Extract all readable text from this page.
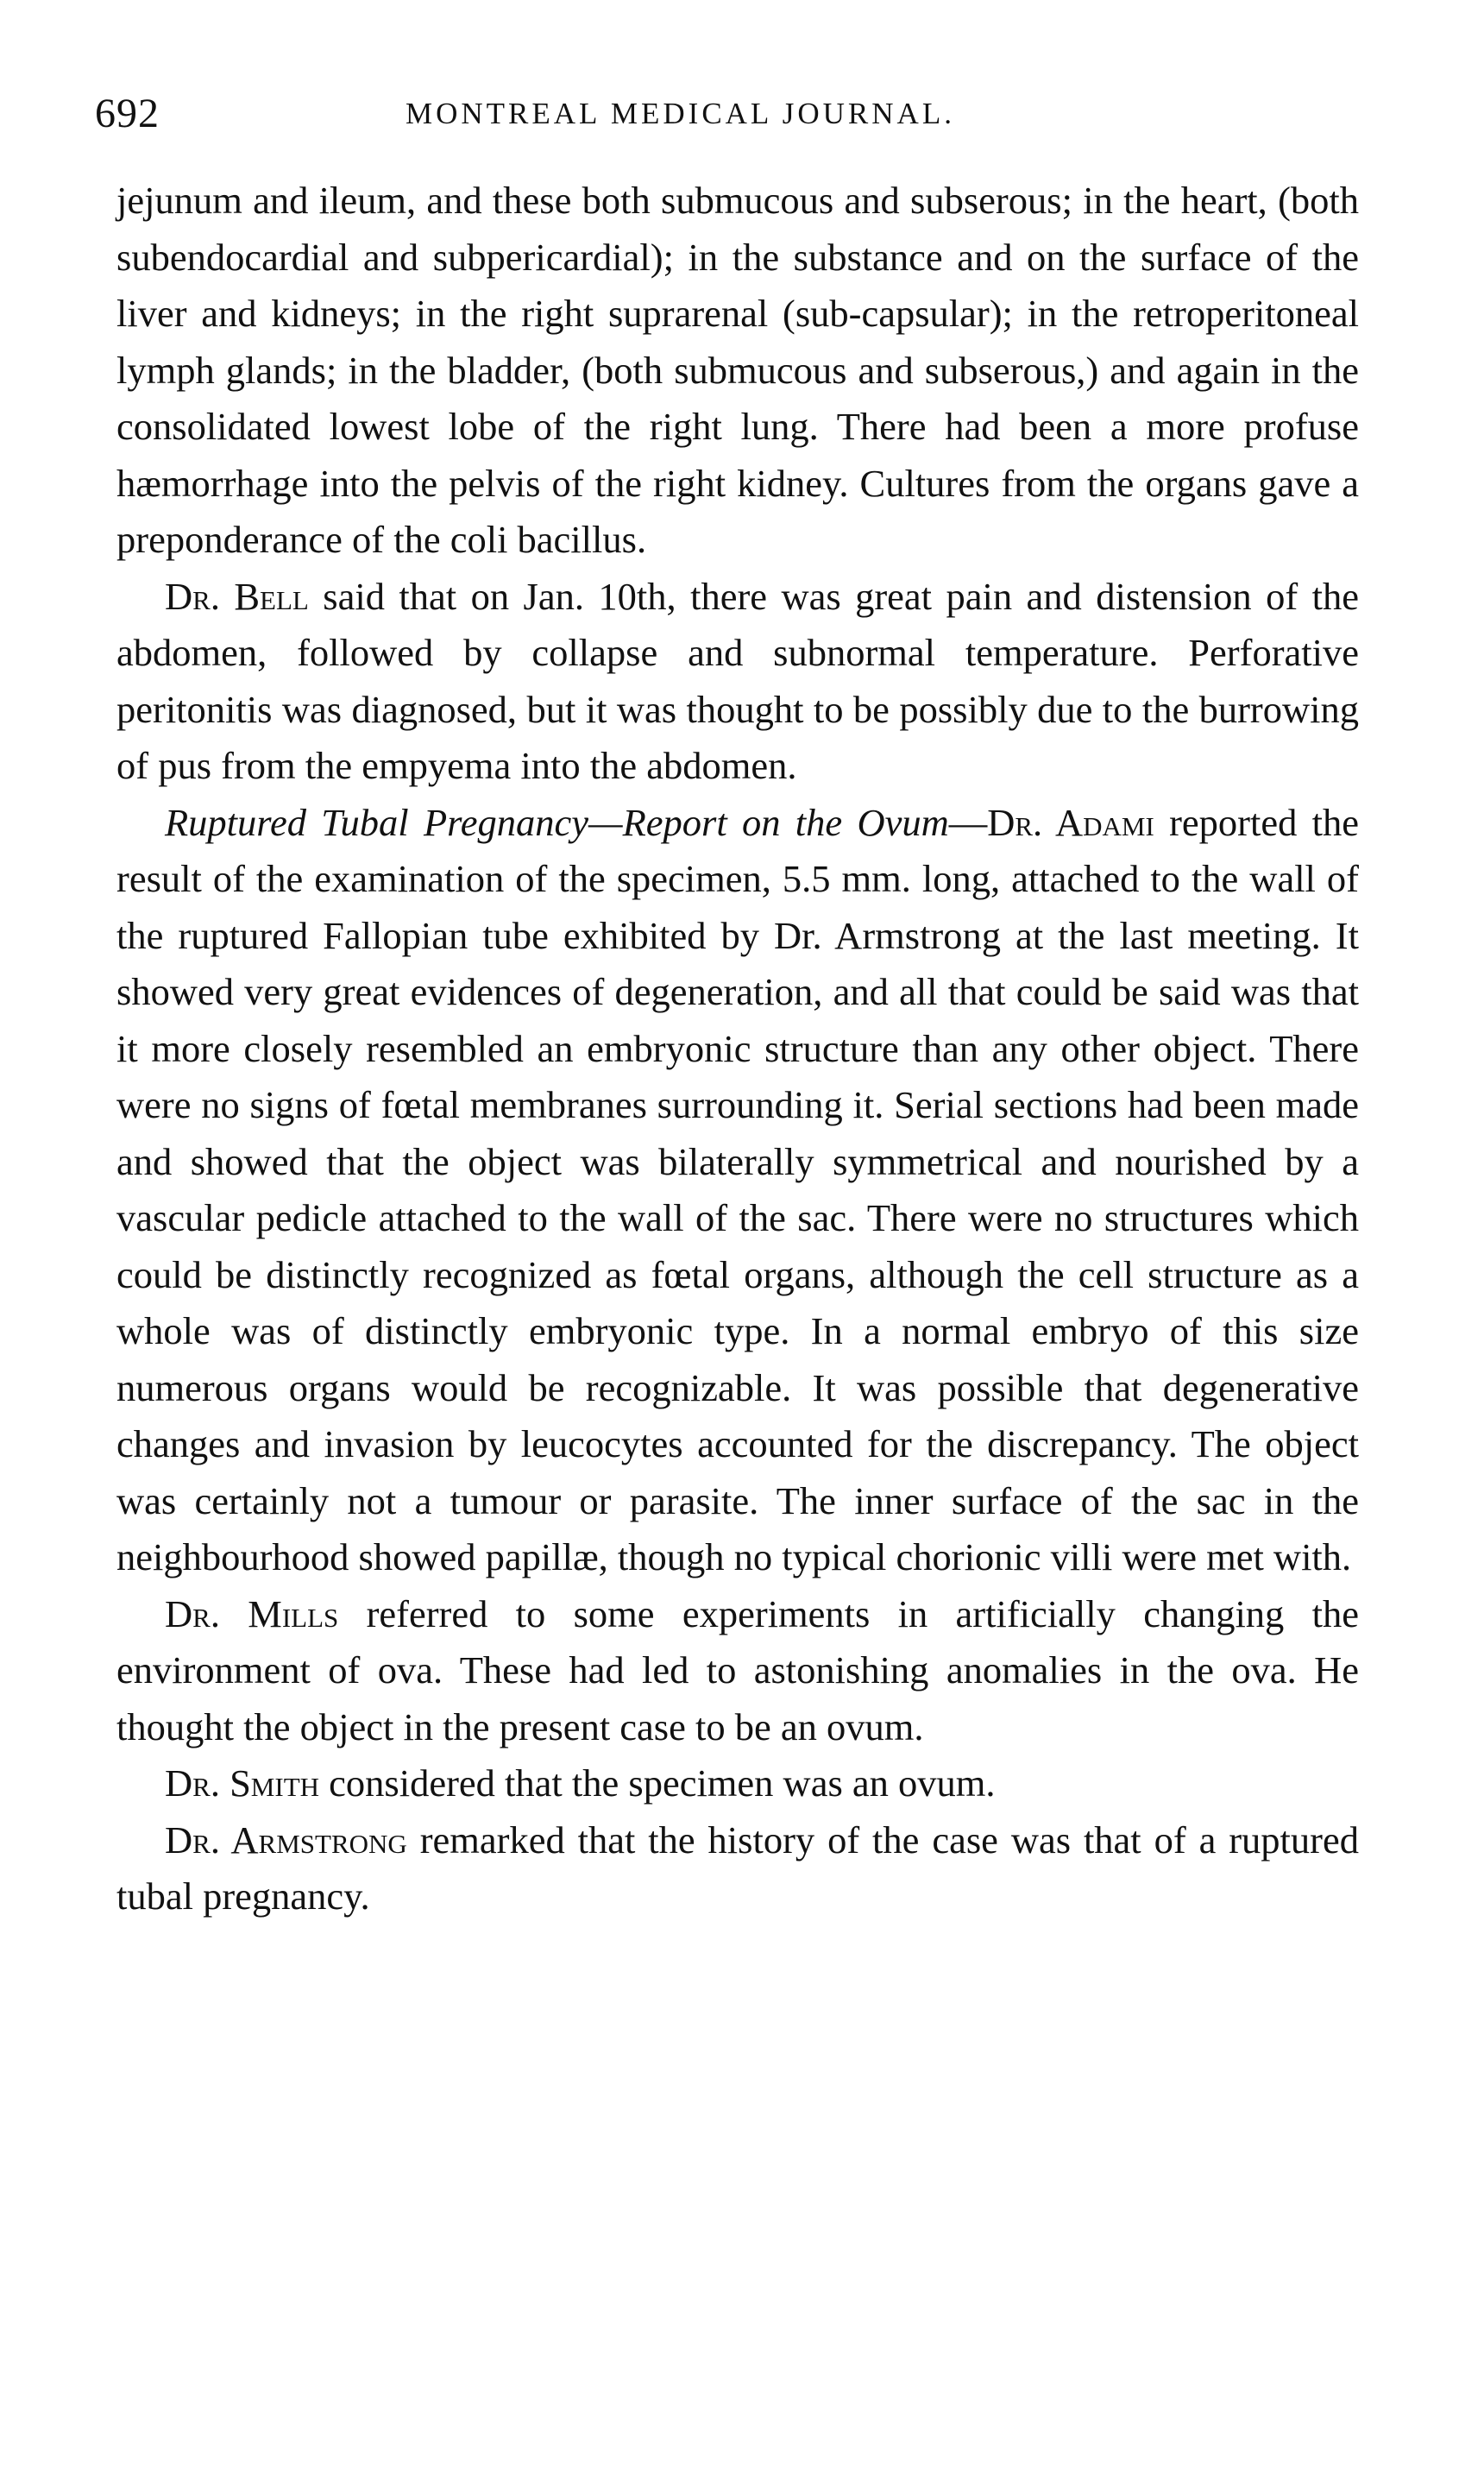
692	MONTREAL MEDICAL JOURNAL.

jejunum and ileum, and these both submucous and subserous; in the heart, (both subendocardial and subpericardial); in the substance and on the surface of the liver and kidneys; in the right suprarenal (sub-capsular); in the retroperitoneal lymph glands; in the bladder, (both submucous and subserous,) and again in the consolidated lowest lobe of the right lung. There had been a more profuse hæmorrhage into the pelvis of the right kidney. Cultures from the organs gave a preponderance of the coli bacillus.

Dr. Bell said that on Jan. 10th, there was great pain and distension of the abdomen, followed by collapse and subnormal temperature. Perforative peritonitis was diagnosed, but it was thought to be possibly due to the burrowing of pus from the empyema into the abdomen.

Ruptured Tubal Pregnancy—Report on the Ovum—Dr. Adami reported the result of the examination of the specimen, 5.5 mm. long, attached to the wall of the ruptured Fallopian tube exhibited by Dr. Armstrong at the last meeting. It showed very great evidences of degeneration, and all that could be said was that it more closely resembled an embryonic structure than any other object. There were no signs of fœtal membranes surrounding it. Serial sections had been made and showed that the object was bilaterally symmetrical and nourished by a vascular pedicle attached to the wall of the sac. There were no structures which could be distinctly recognized as fœtal organs, although the cell structure as a whole was of distinctly embryonic type. In a normal embryo of this size numerous organs would be recognizable. It was possible that degenerative changes and invasion by leucocytes accounted for the discrepancy. The object was certainly not a tumour or parasite. The inner surface of the sac in the neighbourhood showed papillæ, though no typical chorionic villi were met with.

Dr. Mills referred to some experiments in artificially changing the environment of ova. These had led to astonishing anomalies in the ova. He thought the object in the present case to be an ovum.

Dr. Smith considered that the specimen was an ovum.

Dr. Armstrong remarked that the history of the case was that of a ruptured tubal pregnancy.
